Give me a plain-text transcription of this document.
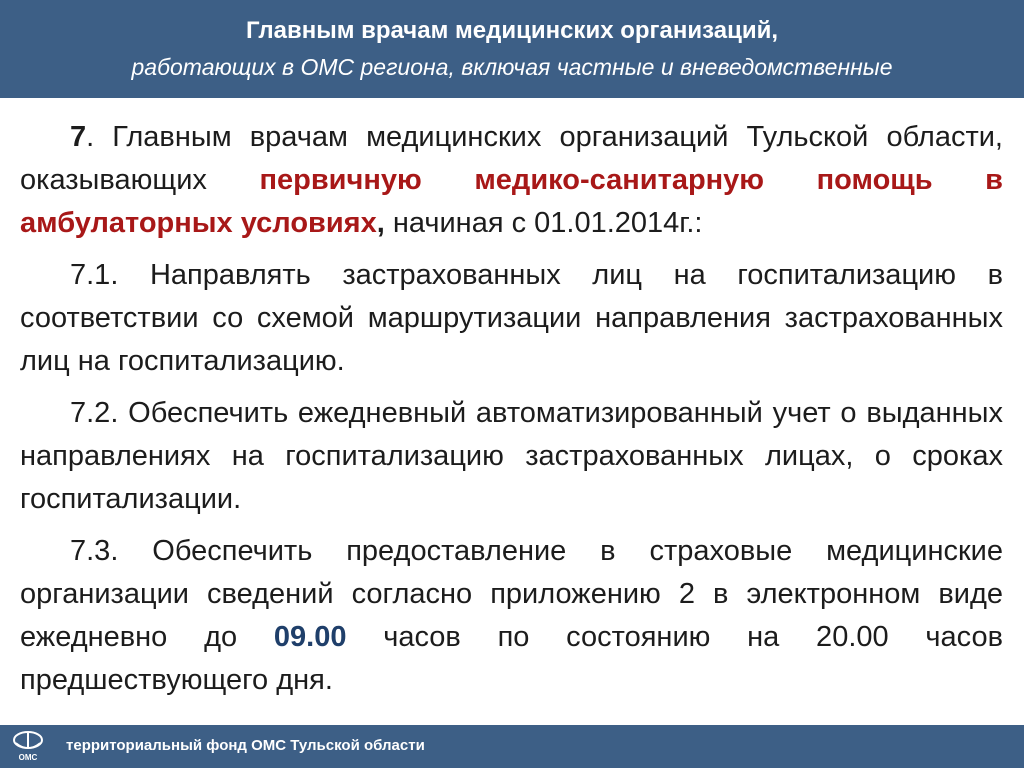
Главным врачам медицинских организаций,
работающих в ОМС региона, включая частные и вневедомственные

7. Главным врачам медицинских организаций Тульской области, оказывающих первичную медико-санитарную помощь в амбулаторных условиях, начиная с 01.01.2014г.:

7.1. Направлять застрахованных лиц на госпитализацию в соответствии со схемой маршрутизации направления застрахованных лиц на госпитализацию.

7.2. Обеспечить ежедневный автоматизированный учет о выданных направлениях на госпитализацию застрахованных лицах, о сроках госпитализации.

7.3. Обеспечить предоставление в страховые медицинские организации сведений согласно приложению 2 в электронном виде ежедневно до 09.00 часов по состоянию на 20.00 часов предшествующего дня.

ОМС
территориальный фонд ОМС Тульской области
